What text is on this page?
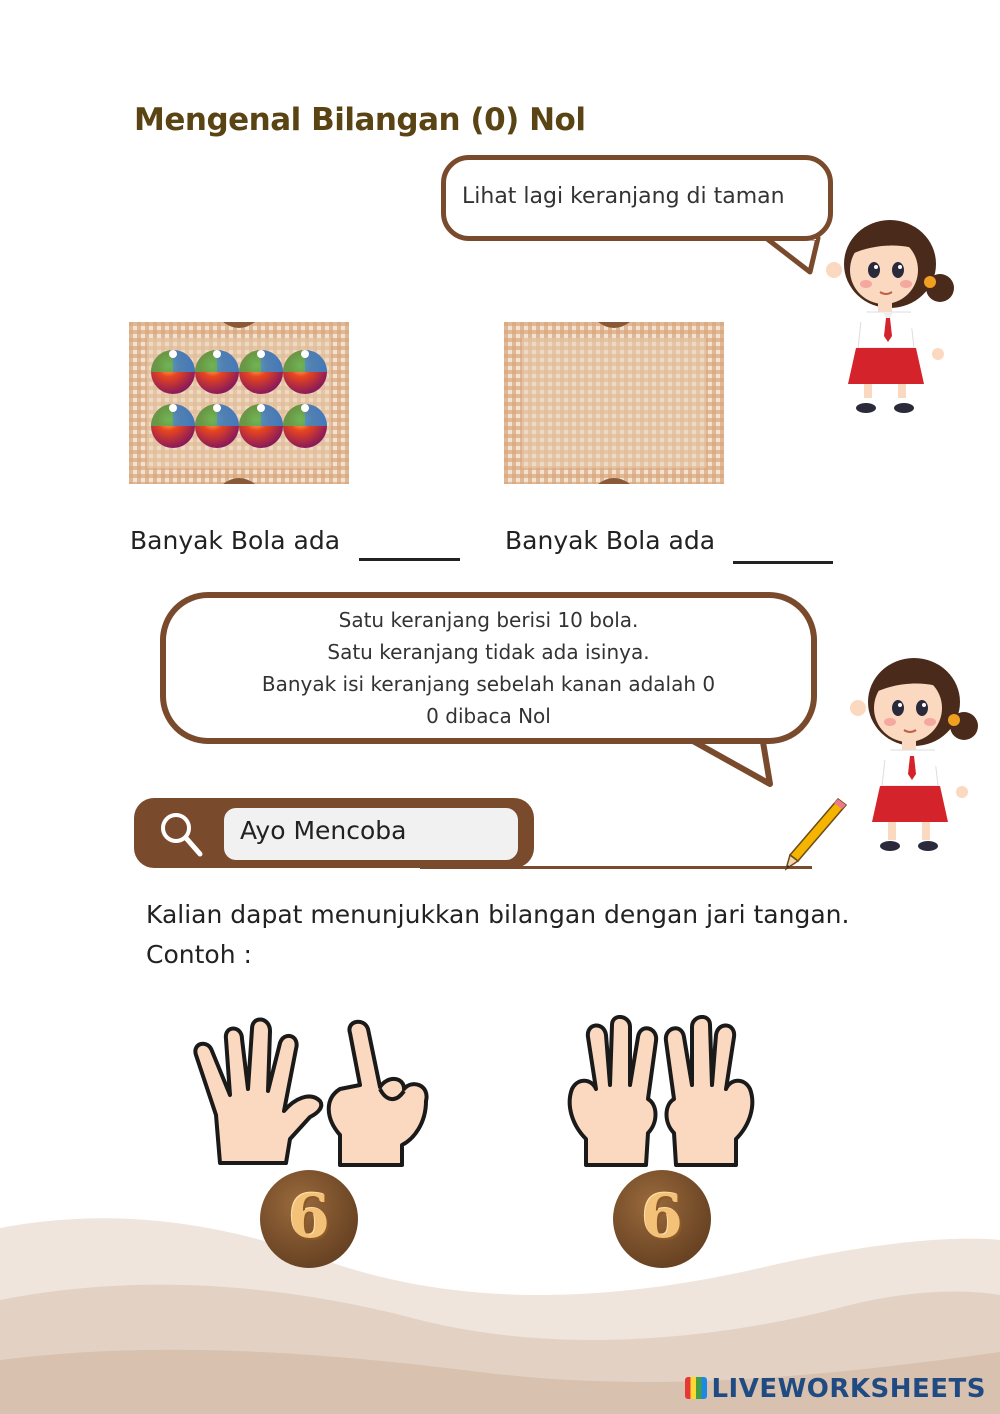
Mengenal Bilangan (0) Nol
Lihat lagi keranjang di taman
Banyak Bola ada	Banyak Bola ada
Satu keranjang berisi 10 bola.
Satu keranjang tidak ada isinya.
Banyak isi keranjang sebelah kanan adalah 0
0 dibaca Nol
Ayo Mencoba
Kalian dapat menunjukkan bilangan dengan jari tangan.
Contoh :
6	6
LIVEWORKSHEETS
